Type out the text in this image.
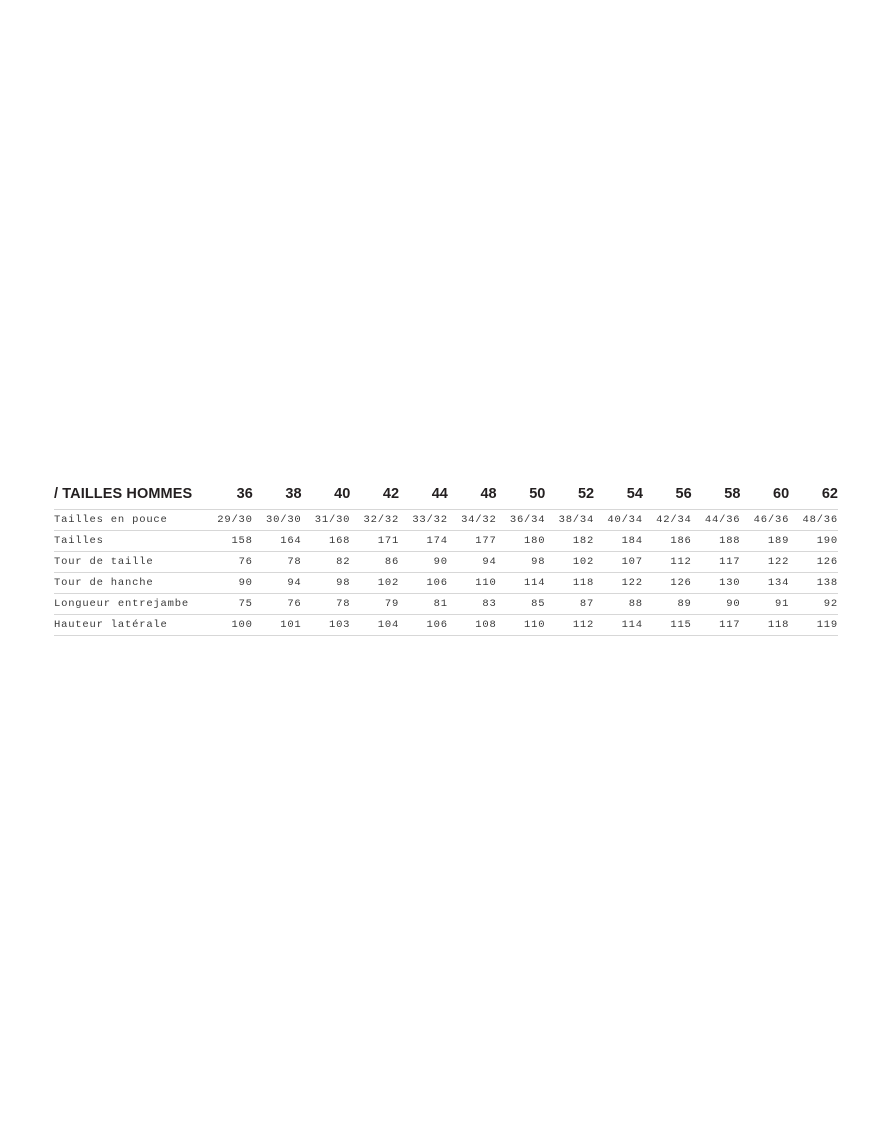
/ TAILLES HOMMES	36	38	40	42	44	48	50	52	54	56	58	60	62
Tailles en pouce	29/30	30/30	31/30	32/32	33/32	34/32	36/34	38/34	40/34	42/34	44/36	46/36	48/36
Tailles	158	164	168	171	174	177	180	182	184	186	188	189	190
Tour de taille	76	78	82	86	90	94	98	102	107	112	117	122	126
Tour de hanche	90	94	98	102	106	110	114	118	122	126	130	134	138
Longueur entrejambe	75	76	78	79	81	83	85	87	88	89	90	91	92
Hauteur latérale	100	101	103	104	106	108	110	112	114	115	117	118	119
